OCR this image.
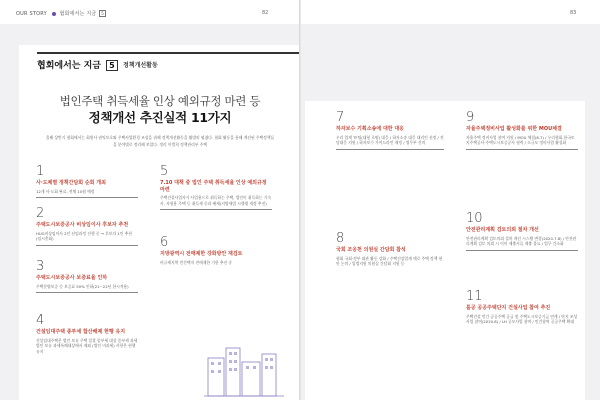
OUR STORY	협회에서는 지금 5	82	83
협회에서는 지금 5	정책개선활동
법인주택 취득세율 인상 예외규정 마련 등
정책개선 추진실적 11가지
올해 상반기 협회에서는 회원사 권익보호와 주택사업환경 조성을 위해 정책개선활동을 활발히 펼쳤다. 협회 활동을 통해 개선된 주택정책들을 분야별로 정리해 보았다. 정리 이범희 정책관리부 주택
1
사·도체별 정책간담회 순회 개최
12개 사·도회 완료, 전체 10월 예정
2
주택도시보증공사 비상임이사 후보자 추천
HUG비상임이사 2인 선임과정 진행 중 → 후보자 1인 추천 (임시총회)
3
주택도시보증공사 보증료율 인하
주택분양보증 등 보증료 50% 인하(21~22년 한시적용)
4
건설임대주택 종부세 합산배제 현행 유지
건설임대주택은 법인 보유 주택 일괄 종부세 대상 종부세 과세 법인 보유 과세특례대상에서 제외 (법인 비과세) 사항은 현행 유지
5
7.10 대책 중 법인 주택 취득세율 인상 예외규정 마련
주택건설사업자가 사업용으로 취득하는 주택, 법인이 취득하는 기숙사, 사원용 주택 등 취득세 중과 배제(지방세법 시행령 개정 추진)
6
지방광역시 전매제한 강화방안 재검토
비규제지역 민간택지 전매제한 기한 추진 중
7
하자보수 기획소송에 대한 대응
우리 업계 TF팀(대형 로펌) 대응 / 하자소송 대응 대리인 선정 / 전담대응 지원 / 하자보수 가이드라인 제정 / 법무부 건의
8
국회 조응천 의원실 간담회 참석
협회 국회·정부 대관 활동 강화 / 주택건설업계 애로 주택 정책 현안 논의 / 입법지원 의원실 간담회 지원 등
9
자율주택정비사업 활성화를 위한 MOU체결
자율주택 정비사업 참여 지원 / MOU 체결(8.7) / 우리협회-한국토지주택공사·주택도시보증공사 협력 / 소규모 정비사업 활성화
10
안전관리계획 검토의뢰 절차 개선
안전관리계획 검토의뢰 절차 개선 시스템 변경(2020.7.8) / 안전관리계획 검토 의뢰 시 이미 제출서류 제출 불요 / 업무 간소화
11
룸공 공공주택단지 건설사업 참여 추진
주택건설 민간 공공주택 공급 및 주택도시보증기금 연계 / 단지 조성 사업 참여(2020.8) / LH 공모사업 참여 / 민간참여 공공주택 확대
